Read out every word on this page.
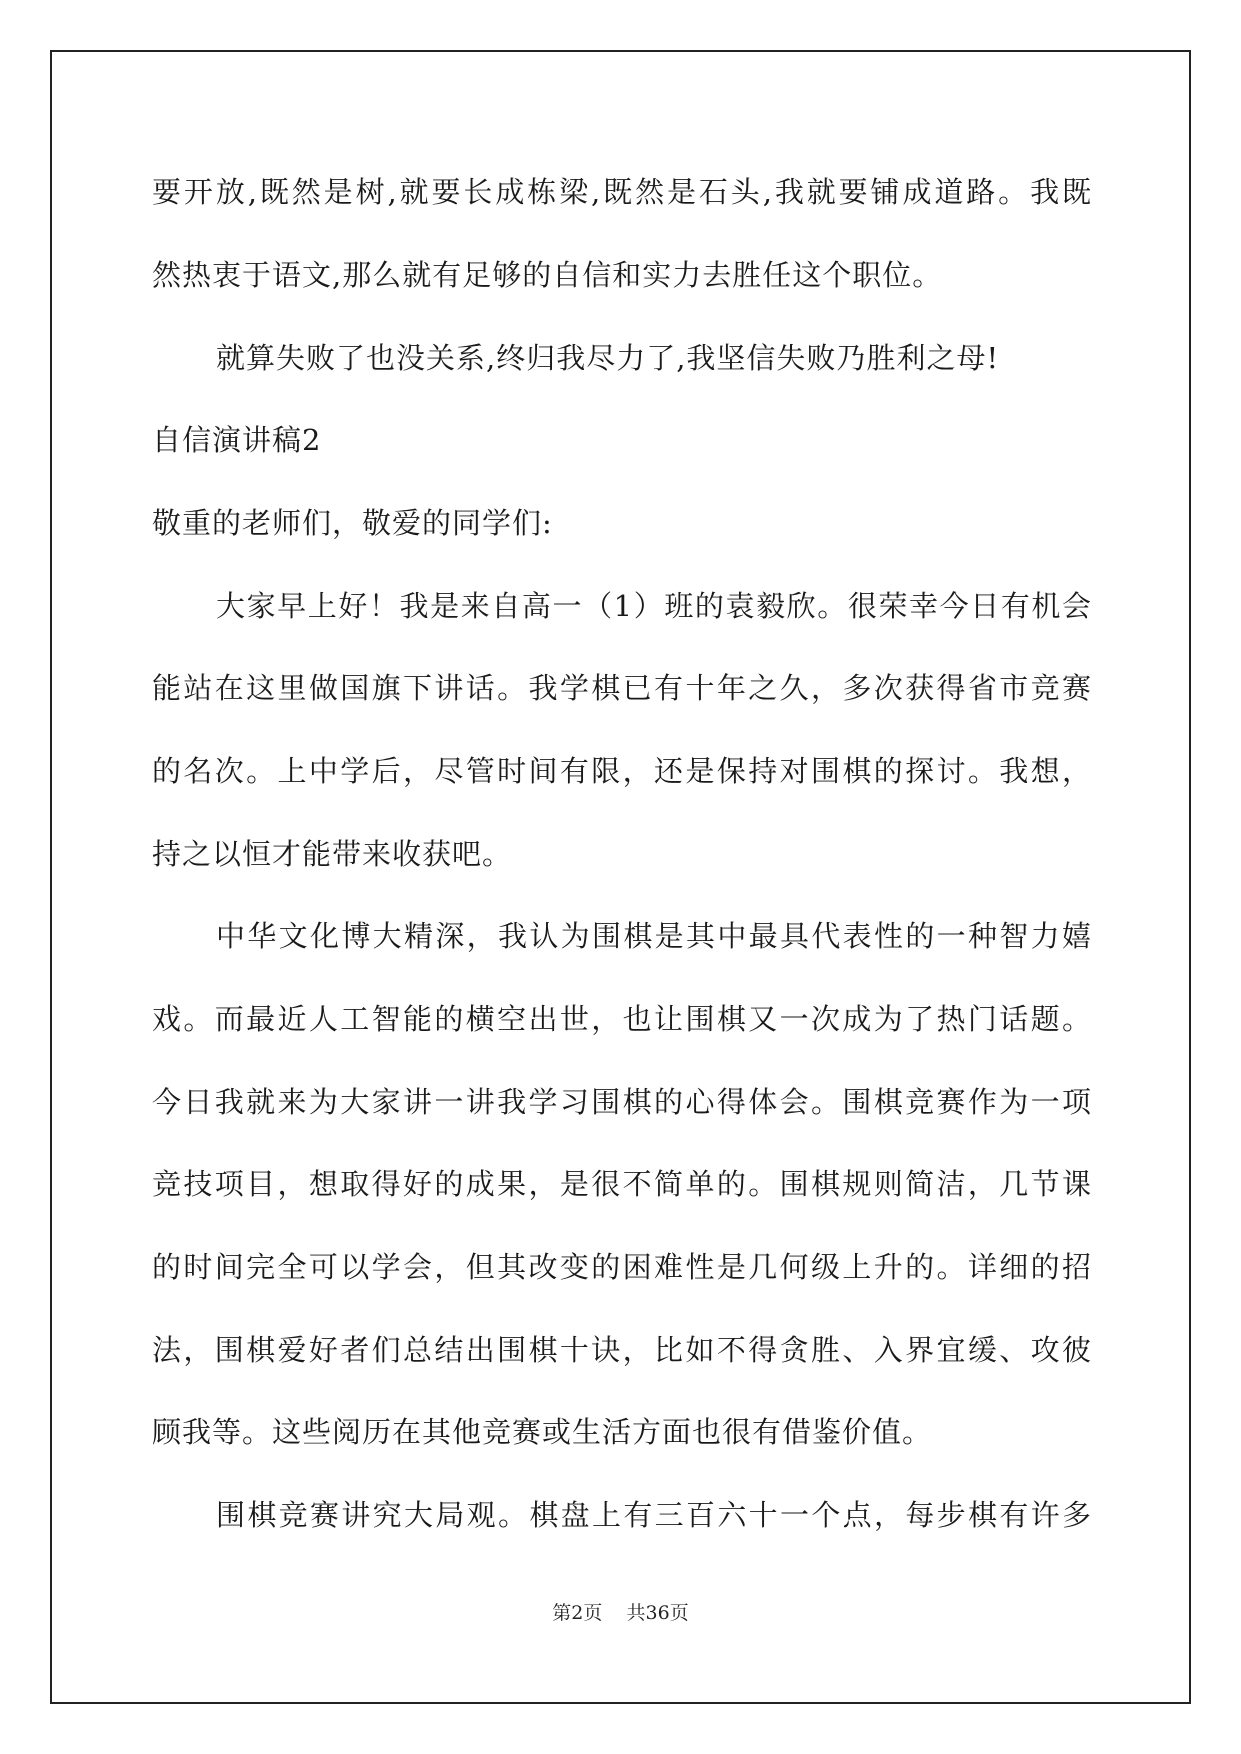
要开放,既然是树,就要长成栋梁,既然是石头,我就要铺成道路。我既
然热衷于语文,那么就有足够的自信和实力去胜任这个职位。
就算失败了也没关系,终归我尽力了,我坚信失败乃胜利之母!
自信演讲稿2
敬重的老师们，敬爱的同学们:
大家早上好！我是来自高一（1）班的袁毅欣。很荣幸今日有机会
能站在这里做国旗下讲话。我学棋已有十年之久，多次获得省市竞赛
的名次。上中学后，尽管时间有限，还是保持对围棋的探讨。我想，
持之以恒才能带来收获吧。
中华文化博大精深，我认为围棋是其中最具代表性的一种智力嬉
戏。而最近人工智能的横空出世，也让围棋又一次成为了热门话题。
今日我就来为大家讲一讲我学习围棋的心得体会。围棋竞赛作为一项
竞技项目，想取得好的成果，是很不简单的。围棋规则简洁，几节课
的时间完全可以学会，但其改变的困难性是几何级上升的。详细的招
法，围棋爱好者们总结出围棋十诀，比如不得贪胜、入界宜缓、攻彼
顾我等。这些阅历在其他竞赛或生活方面也很有借鉴价值。
围棋竞赛讲究大局观。棋盘上有三百六十一个点，每步棋有许多
第2页    共36页
